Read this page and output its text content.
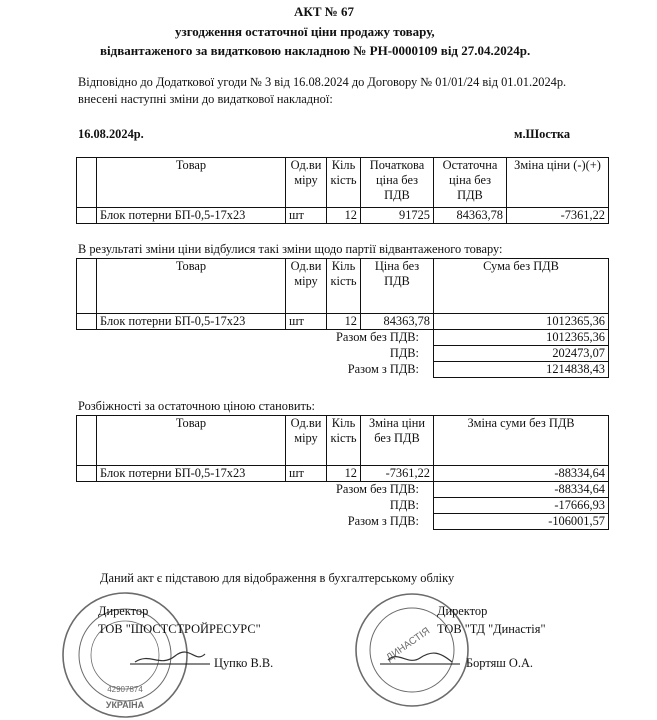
АКТ № 67
узгодження остаточної ціни продажу товару,
відвантаженого за видатковою накладною № РН-0000109 від 27.04.2024р.
Відповідно до Додаткової угоди № 3 від 16.08.2024 до Договору № 01/01/24 від 01.01.2024р.
внесені наступні зміни до видаткової накладної:
16.08.2024р.	м.Шостка
	Товар	Од.ви міру	Кіль кість	Початкова ціна без ПДВ	Остаточна ціна без ПДВ	Зміна ціни (-)(+)
	Блок потерни БП-0,5-17х23	шт	12	91725	84363,78	-7361,22
В результаті зміни ціни відбулися такі зміни щодо партії відвантаженого товару:
	Товар	Од.ви міру	Кіль кість	Ціна без ПДВ	Сума без ПДВ
	Блок потерни БП-0,5-17х23	шт	12	84363,78	1012365,36
Разом без ПДВ:					1012365,36
ПДВ:					202473,07
Разом з ПДВ:					1214838,43
Розбіжності за остаточною ціною становить:
	Товар	Од.ви міру	Кіль кість	Зміна ціни без ПДВ	Зміна суми без ПДВ
	Блок потерни БП-0,5-17х23	шт	12	-7361,22	-88334,64
Разом без ПДВ:					-88334,64
ПДВ:					-17666,93
Разом з ПДВ:					-106001,57
Даний акт є підставою для відображення в бухгалтерському обліку
УКРАЇНА
42907874
ДИНАСТІЯ
Директор
ТОВ "ШОСТСТРОЙРЕСУРС"
Цупко В.В.
Директор
ТОВ "ТД "Династія"
Бортяш О.А.
